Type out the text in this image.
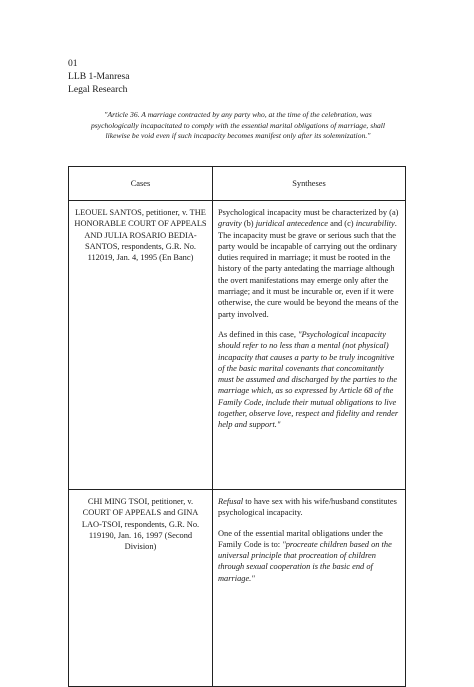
01
LLB 1-Manresa
Legal Research
"Article 36. A marriage contracted by any party who, at the time of the celebration, was psychologically incapacitated to comply with the essential marital obligations of marriage, shall likewise be void even if such incapacity becomes manifest only after its solemnization."
Cases	Syntheses
LEOUEL SANTOS, petitioner, v. THE HONORABLE COURT OF APPEALS AND JULIA ROSARIO BEDIA-SANTOS, respondents, G.R. No. 112019, Jan. 4, 1995 (En Banc)	Psychological incapacity must be characterized by (a) gravity (b) juridical antecedence and (c) incurability. The incapacity must be grave or serious such that the party would be incapable of carrying out the ordinary duties required in marriage; it must be rooted in the history of the party antedating the marriage although the overt manifestations may emerge only after the marriage; and it must be incurable or, even if it were otherwise, the cure would be beyond the means of the party involved.

As defined in this case, "Psychological incapacity should refer to no less than a mental (not physical) incapacity that causes a party to be truly incognitive of the basic marital covenants that concomitantly must be assumed and discharged by the parties to the marriage which, as so expressed by Article 68 of the Family Code, include their mutual obligations to live together, observe love, respect and fidelity and render help and support."

CHI MING TSOI, petitioner, v. COURT OF APPEALS and GINA LAO-TSOI, respondents, G.R. No. 119190, Jan. 16, 1997 (Second Division)	Refusal to have sex with his wife/husband constitutes psychological incapacity.

One of the essential marital obligations under the Family Code is to: "procreate children based on the universal principle that procreation of children through sexual cooperation is the basic end of marriage."
